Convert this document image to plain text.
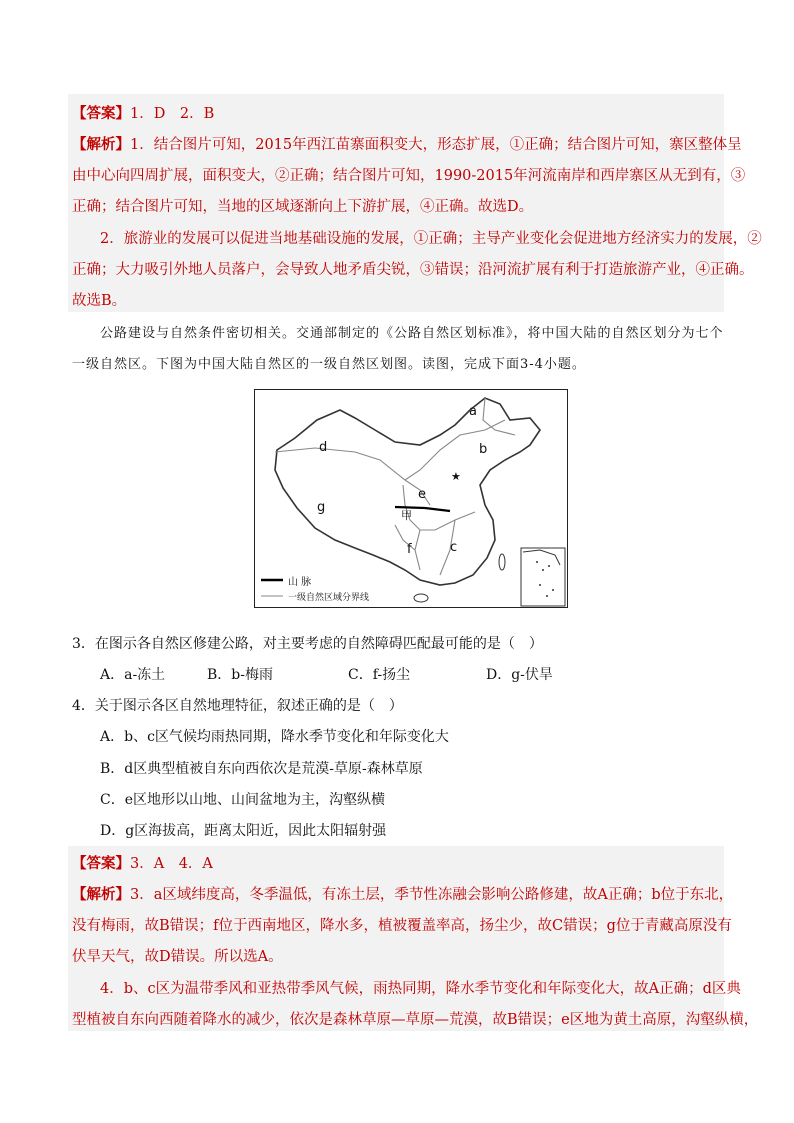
【答案】1．D　2．B
【解析】1．结合图片可知，2015年西江苗寨面积变大，形态扩展，①正确；结合图片可知，寨区整体呈
由中心向四周扩展，面积变大，②正确；结合图片可知，1990-2015年河流南岸和西岸寨区从无到有，③
正确；结合图片可知，当地的区域逐渐向上下游扩展，④正确。故选D。
2．旅游业的发展可以促进当地基础设施的发展，①正确；主导产业变化会促进地方经济实力的发展，②
正确；大力吸引外地人员落户，会导致人地矛盾尖锐，③错误；沿河流扩展有利于打造旅游产业，④正确。
故选B。
公路建设与自然条件密切相关。交通部制定的《公路自然区划标准》，将中国大陆的自然区划分为七个
一级自然区。下图为中国大陆自然区的一级自然区划图。读图，完成下面3-4小题。
a
b
c
d
e
f
g
甲
★
山 脉
一级自然区域分界线
3．在图示各自然区修建公路，对主要考虑的自然障碍匹配最可能的是（　）
A．a-冻土	B．b-梅雨	C．f-扬尘	D．g-伏旱
4．关于图示各区自然地理特征，叙述正确的是（　）
A．b、c区气候均雨热同期，降水季节变化和年际变化大
B．d区典型植被自东向西依次是荒漠-草原-森林草原
C．e区地形以山地、山间盆地为主，沟壑纵横
D．g区海拔高，距离太阳近，因此太阳辐射强
【答案】3．A　4．A
【解析】3．a区域纬度高，冬季温低，有冻土层，季节性冻融会影响公路修建，故A正确；b位于东北，
没有梅雨，故B错误；f位于西南地区，降水多，植被覆盖率高，扬尘少，故C错误；g位于青藏高原没有
伏旱天气，故D错误。所以选A。
4．b、c区为温带季风和亚热带季风气候，雨热同期，降水季节变化和年际变化大，故A正确；d区典
型植被自东向西随着降水的减少，依次是森林草原—草原—荒漠，故B错误；e区地为黄土高原，沟壑纵横，
